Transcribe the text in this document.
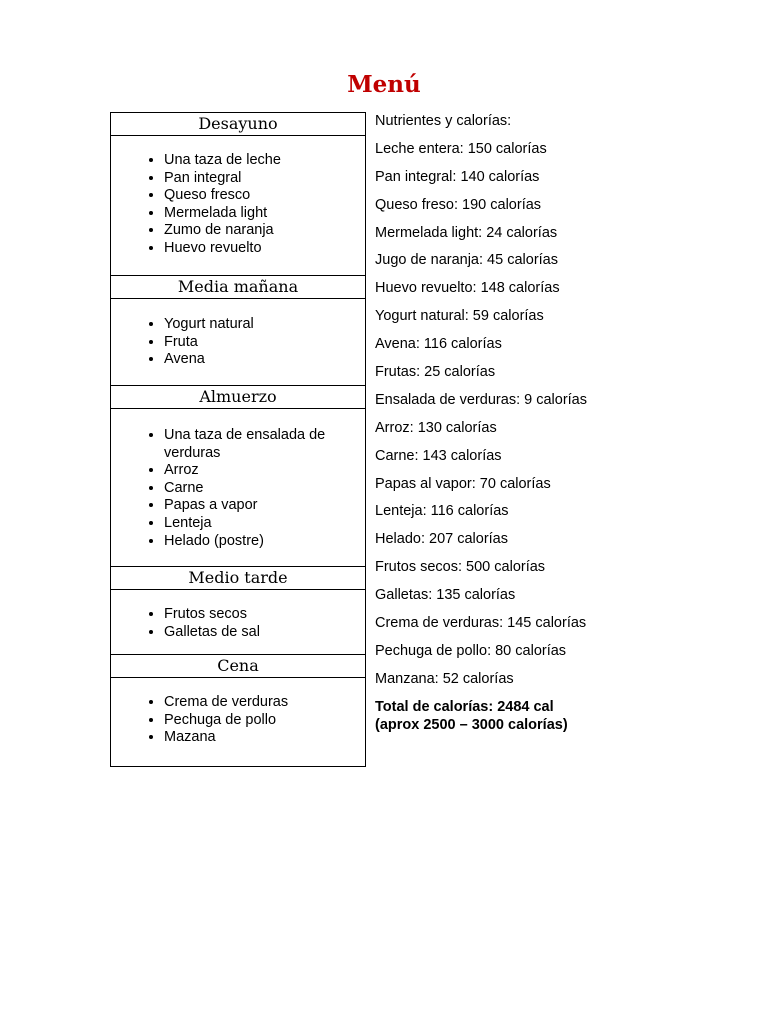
Menú
Desayuno

• Una taza de leche
• Pan integral
• Queso fresco
• Mermelada light
• Zumo de naranja
• Huevo revuelto

Media mañana

• Yogurt natural
• Fruta
• Avena

Almuerzo

• Una taza de ensalada de verduras
• Arroz
• Carne
• Papas a vapor
• Lenteja
• Helado (postre)

Medio tarde

• Frutos secos
• Galletas de sal

Cena

• Crema de verduras
• Pechuga de pollo
• Mazana
Nutrientes y calorías:
Leche entera: 150 calorías
Pan integral: 140 calorías
Queso freso: 190 calorías
Mermelada light: 24 calorías
Jugo de naranja: 45 calorías
Huevo revuelto: 148 calorías
Yogurt natural: 59 calorías
Avena: 116 calorías
Frutas: 25 calorías
Ensalada de verduras: 9 calorías
Arroz: 130 calorías
Carne: 143 calorías
Papas al vapor: 70 calorías
Lenteja: 116 calorías
Helado: 207 calorías
Frutos secos: 500 calorías
Galletas: 135 calorías
Crema de verduras: 145 calorías
Pechuga de pollo: 80 calorías
Manzana: 52 calorías
Total de calorías: 2484 cal
(aprox 2500 – 3000 calorías)
